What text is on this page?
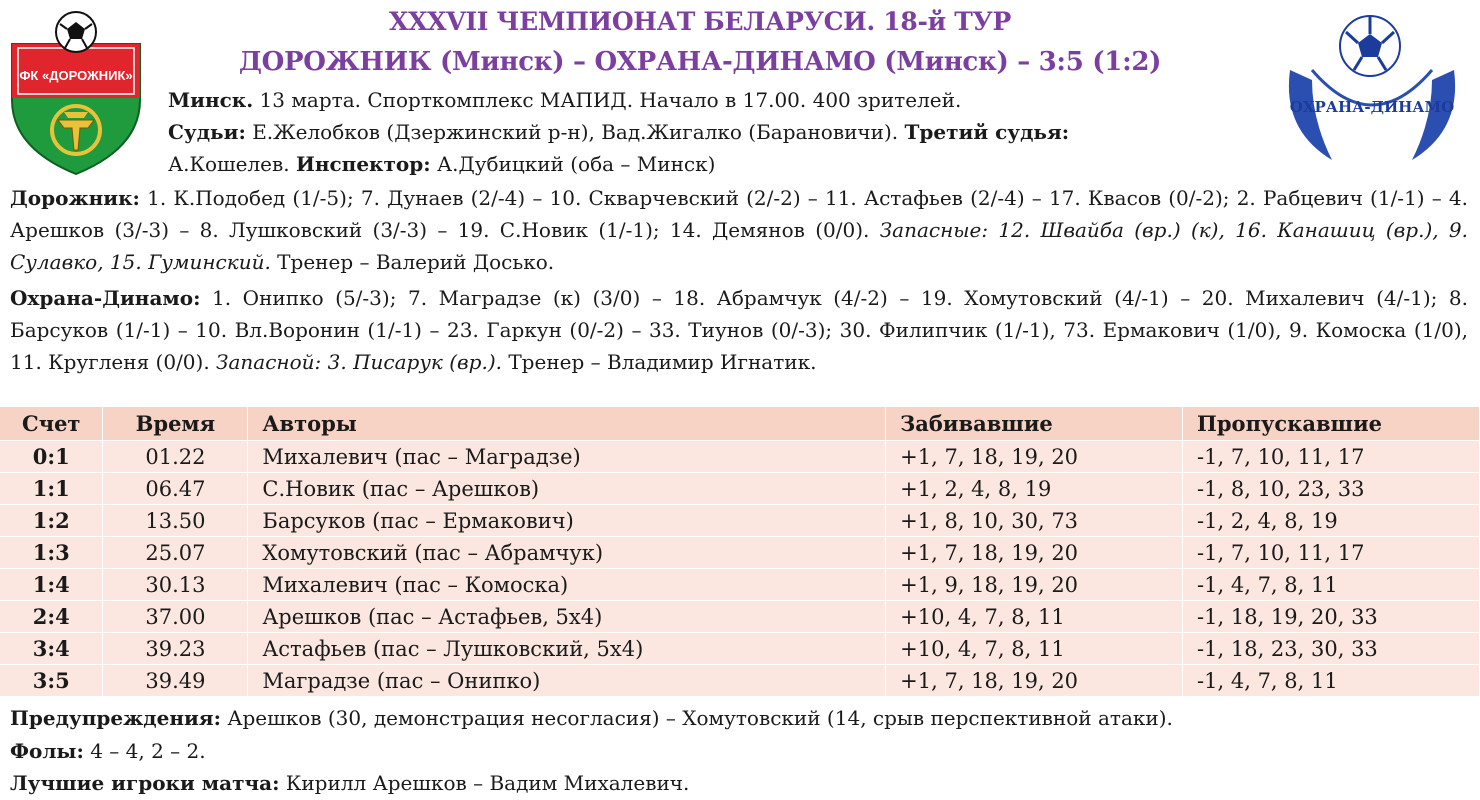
ФК «ДОРОЖНИК»
ОХРАНА-ДИНАМО
XXXVII ЧЕМПИОНАТ БЕЛАРУСИ. 18-й ТУР
ДОРОЖНИК (Минск) – ОХРАНА-ДИНАМО (Минск) – 3:5 (1:2)
Минск. 13 марта. Спорткомплекс МАПИД. Начало в 17.00. 400 зрителей.
Судьи: Е.Желобков (Дзержинский р-н), Вад.Жигалко (Барановичи). Третий судья:
А.Кошелев. Инспектор: А.Дубицкий (оба – Минск)
Дорожник: 1. К.Подобед (1/-5); 7. Дунаев (2/-4) – 10. Скварчевский (2/-2) – 11. Астафьев (2/-4) – 17. Квасов (0/-2); 2. Рабцевич (1/-1) – 4. Арешков (3/-3) – 8. Лушковский (3/-3) – 19. С.Новик (1/-1); 14. Демянов (0/0). Запасные: 12. Швайба (вр.) (к), 16. Канашиц (вр.), 9. Сулавко, 15. Гуминский. Тренер – Валерий Досько.
Охрана-Динамо: 1. Онипко (5/-3); 7. Маградзе (к) (3/0) – 18. Абрамчук (4/-2) – 19. Хомутовский (4/-1) – 20. Михалевич (4/-1); 8. Барсуков (1/-1) – 10. Вл.Воронин (1/-1) – 23. Гаркун (0/-2) – 33. Тиунов (0/-3); 30. Филипчик (1/-1), 73. Ермакович (1/0), 9. Комоска (1/0), 11. Кругленя (0/0). Запасной: 3. Писарук (вр.). Тренер – Владимир Игнатик.
Счет	Время	Авторы	Забивавшие	Пропускавшие
0:1	01.22	Михалевич (пас – Маградзе)	+1, 7, 18, 19, 20	-1, 7, 10, 11, 17
1:1	06.47	С.Новик (пас – Арешков)	+1, 2, 4, 8, 19	-1, 8, 10, 23, 33
1:2	13.50	Барсуков (пас – Ермакович)	+1, 8, 10, 30, 73	-1, 2, 4, 8, 19
1:3	25.07	Хомутовский (пас – Абрамчук)	+1, 7, 18, 19, 20	-1, 7, 10, 11, 17
1:4	30.13	Михалевич (пас – Комоска)	+1, 9, 18, 19, 20	-1, 4, 7, 8, 11
2:4	37.00	Арешков (пас – Астафьев, 5х4)	+10, 4, 7, 8, 11	-1, 18, 19, 20, 33
3:4	39.23	Астафьев (пас – Лушковский, 5х4)	+10, 4, 7, 8, 11	-1, 18, 23, 30, 33
3:5	39.49	Маградзе (пас – Онипко)	+1, 7, 18, 19, 20	-1, 4, 7, 8, 11
Предупреждения: Арешков (30, демонстрация несогласия) – Хомутовский (14, срыв перспективной атаки).
Фолы: 4 – 4, 2 – 2.
Лучшие игроки матча: Кирилл Арешков – Вадим Михалевич.
